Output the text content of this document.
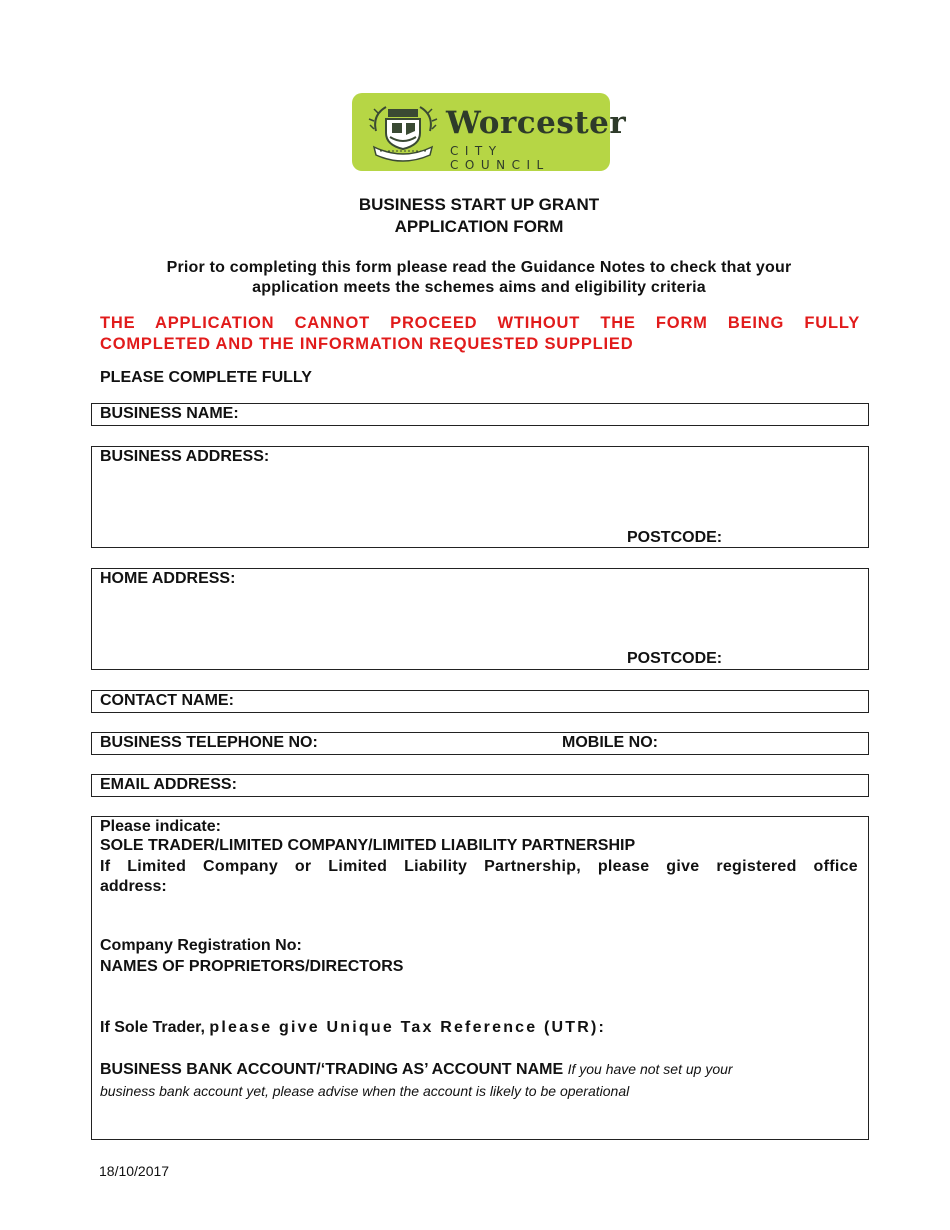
Worcester
CITY COUNCIL
BUSINESS START UP GRANT
APPLICATION FORM
Prior to completing this form please read the Guidance Notes to check that your
application meets the schemes aims and eligibility criteria
THE APPLICATION CANNOT PROCEED WTIHOUT THE FORM BEING FULLY
COMPLETED AND THE INFORMATION REQUESTED SUPPLIED
PLEASE COMPLETE FULLY
BUSINESS NAME:
BUSINESS ADDRESS:
POSTCODE:
HOME ADDRESS:
POSTCODE:
CONTACT NAME:
BUSINESS TELEPHONE NO:	MOBILE NO:
EMAIL ADDRESS:
Please indicate:
SOLE TRADER/LIMITED COMPANY/LIMITED LIABILITY PARTNERSHIP
If Limited Company or Limited Liability Partnership, please give registered office
address:
Company Registration No:
NAMES OF PROPRIETORS/DIRECTORS
If Sole Trader, please give Unique Tax Reference (UTR):
BUSINESS BANK ACCOUNT/‘TRADING AS’ ACCOUNT NAME If you have not set up your
business bank account yet, please advise when the account is likely to be operational
18/10/2017
